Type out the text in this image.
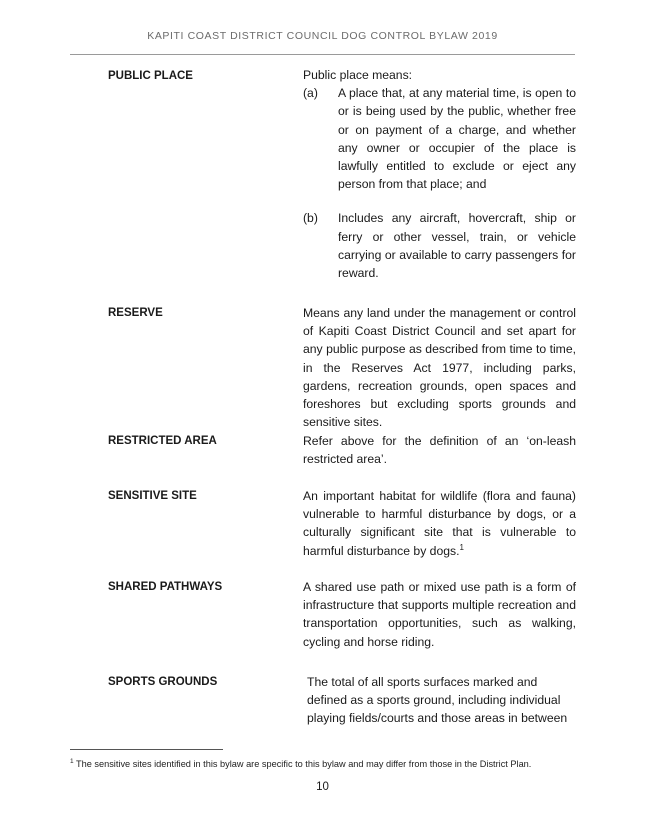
KAPITI COAST DISTRICT COUNCIL DOG CONTROL BYLAW 2019
PUBLIC PLACE	Public place means:
(a) A place that, at any material time, is open to or is being used by the public, whether free or on payment of a charge, and whether any owner or occupier of the place is lawfully entitled to exclude or eject any person from that place; and
(b) Includes any aircraft, hovercraft, ship or ferry or other vessel, train, or vehicle carrying or available to carry passengers for reward.
RESERVE	Means any land under the management or control of Kapiti Coast District Council and set apart for any public purpose as described from time to time, in the Reserves Act 1977, including parks, gardens, recreation grounds, open spaces and foreshores but excluding sports grounds and sensitive sites.
RESTRICTED AREA	Refer above for the definition of an ‘on-leash restricted area’.
SENSITIVE SITE	An important habitat for wildlife (flora and fauna) vulnerable to harmful disturbance by dogs, or a culturally significant site that is vulnerable to harmful disturbance by dogs.$^1$
SHARED PATHWAYS	A shared use path or mixed use path is a form of infrastructure that supports multiple recreation and transportation opportunities, such as walking, cycling and horse riding.
SPORTS GROUNDS	The total of all sports surfaces marked and defined as a sports ground, including individual playing fields/courts and those areas in between
$^1$ The sensitive sites identified in this bylaw are specific to this bylaw and may differ from those in the District Plan.
10
